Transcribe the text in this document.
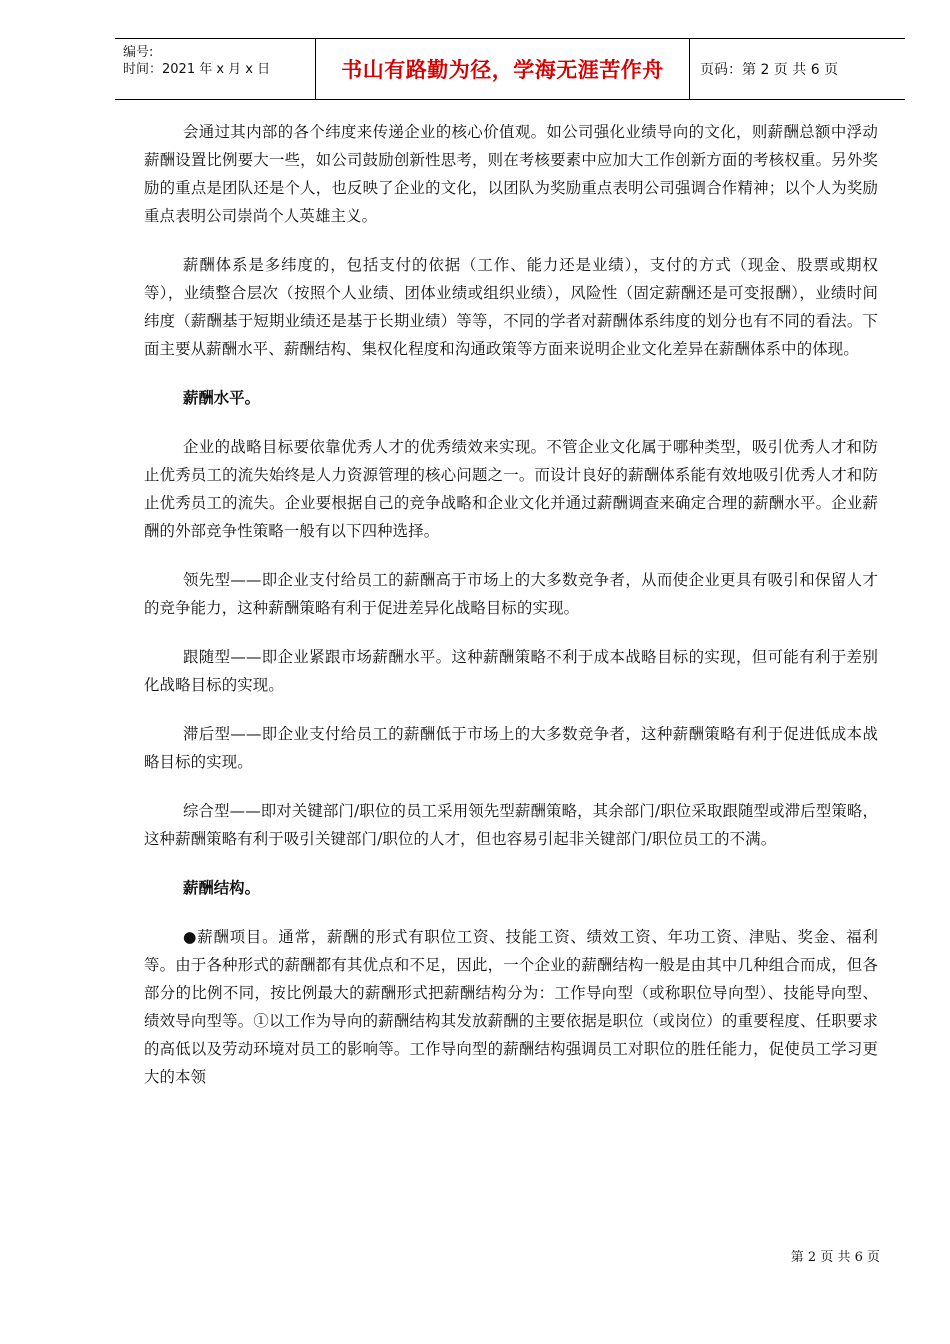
编号:
时间：2021 年 x 月 x 日	书山有路勤为径，学海无涯苦作舟	页码：第 2 页 共 6 页

会通过其内部的各个纬度来传递企业的核心价值观。如公司强化业绩导向的文化，则薪酬总额中浮动薪酬设置比例要大一些，如公司鼓励创新性思考，则在考核要素中应加大工作创新方面的考核权重。另外奖励的重点是团队还是个人，也反映了企业的文化，以团队为奖励重点表明公司强调合作精神；以个人为奖励重点表明公司崇尚个人英雄主义。

薪酬体系是多纬度的，包括支付的依据（工作、能力还是业绩），支付的方式（现金、股票或期权等），业绩整合层次（按照个人业绩、团体业绩或组织业绩），风险性（固定薪酬还是可变报酬），业绩时间纬度（薪酬基于短期业绩还是基于长期业绩）等等，不同的学者对薪酬体系纬度的划分也有不同的看法。下面主要从薪酬水平、薪酬结构、集权化程度和沟通政策等方面来说明企业文化差异在薪酬体系中的体现。

薪酬水平。

企业的战略目标要依靠优秀人才的优秀绩效来实现。不管企业文化属于哪种类型，吸引优秀人才和防止优秀员工的流失始终是人力资源管理的核心问题之一。而设计良好的薪酬体系能有效地吸引优秀人才和防止优秀员工的流失。企业要根据自己的竞争战略和企业文化并通过薪酬调查来确定合理的薪酬水平。企业薪酬的外部竞争性策略一般有以下四种选择。

领先型——即企业支付给员工的薪酬高于市场上的大多数竞争者，从而使企业更具有吸引和保留人才的竞争能力，这种薪酬策略有利于促进差异化战略目标的实现。

跟随型——即企业紧跟市场薪酬水平。这种薪酬策略不利于成本战略目标的实现，但可能有利于差别化战略目标的实现。

滞后型——即企业支付给员工的薪酬低于市场上的大多数竞争者，这种薪酬策略有利于促进低成本战略目标的实现。

综合型——即对关键部门/职位的员工采用领先型薪酬策略，其余部门/职位采取跟随型或滞后型策略，这种薪酬策略有利于吸引关键部门/职位的人才，但也容易引起非关键部门/职位员工的不满。

薪酬结构。

●薪酬项目。通常，薪酬的形式有职位工资、技能工资、绩效工资、年功工资、津贴、奖金、福利等。由于各种形式的薪酬都有其优点和不足，因此，一个企业的薪酬结构一般是由其中几种组合而成，但各部分的比例不同，按比例最大的薪酬形式把薪酬结构分为：工作导向型（或称职位导向型）、技能导向型、绩效导向型等。①以工作为导向的薪酬结构其发放薪酬的主要依据是职位（或岗位）的重要程度、任职要求的高低以及劳动环境对员工的影响等。工作导向型的薪酬结构强调员工对职位的胜任能力，促使员工学习更大的本领

第 2 页 共 6 页
